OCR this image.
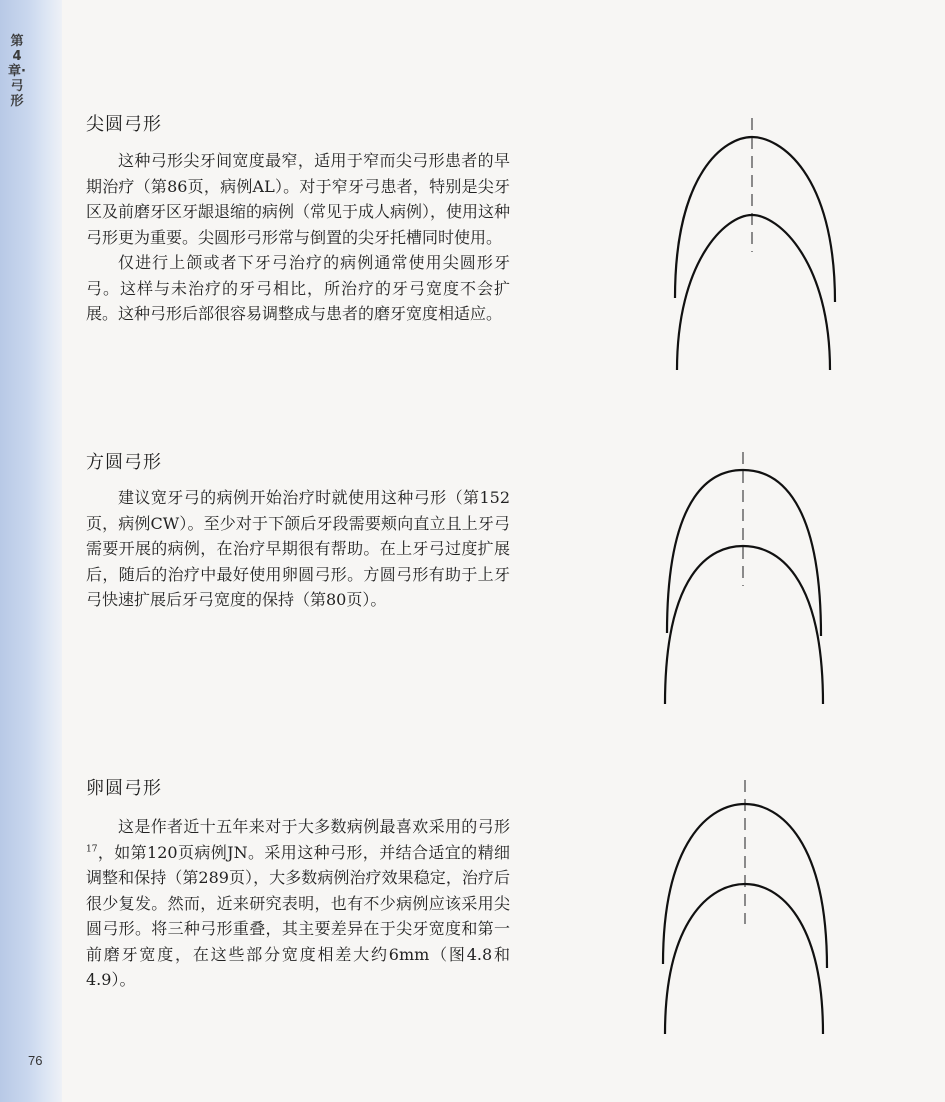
第4章·弓形
尖圆弓形

这种弓形尖牙间宽度最窄，适用于窄而尖弓形患者的早期治疗（第86页，病例AL）。对于窄牙弓患者，特别是尖牙区及前磨牙区牙龈退缩的病例（常见于成人病例），使用这种弓形更为重要。尖圆形弓形常与倒置的尖牙托槽同时使用。

仅进行上颌或者下牙弓治疗的病例通常使用尖圆形牙弓。这样与未治疗的牙弓相比，所治疗的牙弓宽度不会扩展。这种弓形后部很容易调整成与患者的磨牙宽度相适应。

方圆弓形

建议宽牙弓的病例开始治疗时就使用这种弓形（第152页，病例CW）。至少对于下颌后牙段需要颊向直立且上牙弓需要开展的病例，在治疗早期很有帮助。在上牙弓过度扩展后，随后的治疗中最好使用卵圆弓形。方圆弓形有助于上牙弓快速扩展后牙弓宽度的保持（第80页）。

卵圆弓形

这是作者近十五年来对于大多数病例最喜欢采用的弓形$^{17}$，如第120页病例JN。采用这种弓形，并结合适宜的精细调整和保持（第289页），大多数病例治疗效果稳定，治疗后很少复发。然而，近来研究表明，也有不少病例应该采用尖圆弓形。将三种弓形重叠，其主要差异在于尖牙宽度和第一前磨牙宽度，在这些部分宽度相差大约6mm（图4.8和4.9）。

76
